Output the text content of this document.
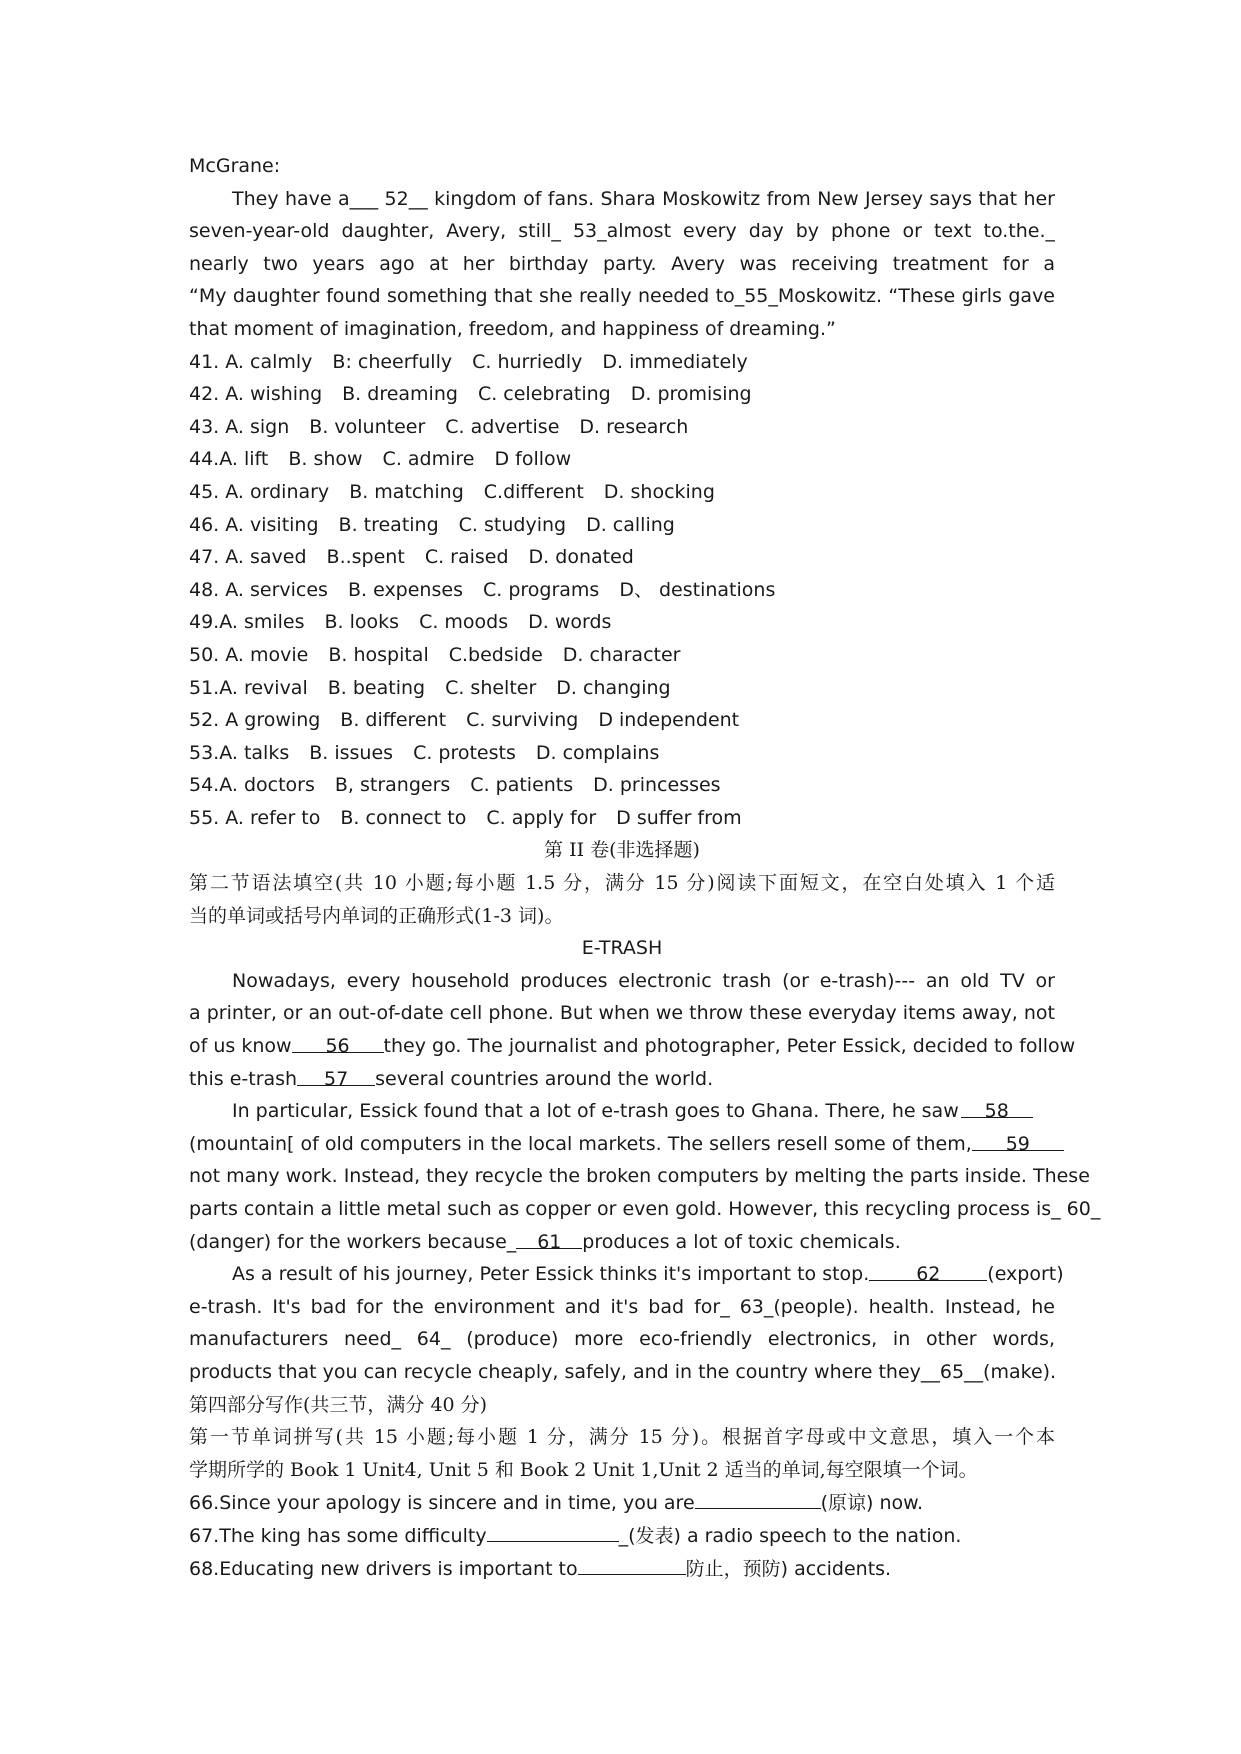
McGrane:
They have a___ 52__ kingdom of fans. Shara Moskowitz from New Jersey says that her
seven-year-old daughter, Avery, still_ 53_almost every day by phone or text to.the._
nearly two years ago at her birthday party. Avery was receiving treatment for a
“My daughter found something that she really needed to_55_Moskowitz. “These girls gave
that moment of imagination, freedom, and happiness of dreaming.”
41. A. calmly B: cheerfully C. hurriedly D. immediately
42. A. wishing B. dreaming C. celebrating D. promising
43. A. sign B. volunteer C. advertise D. research
44.A. lift B. show C. admire D follow
45. A. ordinary B. matching C.different D. shocking
46. A. visiting B. treating C. studying D. calling
47. A. saved B..spent C. raised D. donated
48. A. services B. expenses C. programs D、 destinations
49.A. smiles B. looks C. moods D. words
50. A. movie B. hospital C.bedside D. character
51.A. revival B. beating C. shelter D. changing
52. A growing B. different C. surviving D independent
53.A. talks B. issues C. protests D. complains
54.A. doctors B, strangers C. patients D. princesses
55. A. refer to B. connect to C. apply for D suffer from
第 II 卷(非选择题)
第二节语法填空(共 10 小题;每小题 1.5 分，满分 15 分)阅读下面短文，在空白处填入 1 个适
当的单词或括号内单词的正确形式(1-3 词)。
E-TRASH
Nowadays, every household produces electronic trash (or e-trash)--- an old TV or
a printer, or an out-of-date cell phone. But when we throw these everyday items away, not
of us know 56 they go. The journalist and photographer, Peter Essick, decided to follow
this e-trash 57 several countries around the world.
In particular, Essick found that a lot of e-trash goes to Ghana. There, he saw 58
(mountain[ of old computers in the local markets. The sellers resell some of them, 59
not many work. Instead, they recycle the broken computers by melting the parts inside. These
parts contain a little metal such as copper or even gold. However, this recycling process is_ 60_
(danger) for the workers because_ 61 produces a lot of toxic chemicals.
As a result of his journey, Peter Essick thinks it's important to stop. 62 (export)
e-trash. It's bad for the environment and it's bad for_ 63_(people). health. Instead, he
manufacturers need_ 64_ (produce) more eco-friendly electronics, in other words,
products that you can recycle cheaply, safely, and in the country where they__65__(make).
第四部分写作(共三节，满分 40 分)
第一节单词拼写(共 15 小题;每小题 1 分，满分 15 分)。根据首字母或中文意思，填入一个本
学期所学的 Book 1 Unit4, Unit 5 和 Book 2 Unit 1,Unit 2 适当的单词,每空限填一个词。
66.Since your apology is sincere and in time, you are	(原谅) now.
67.The king has some difficulty	_(发表) a radio speech to the nation.
68.Educating new drivers is important to	防止，预防) accidents.
